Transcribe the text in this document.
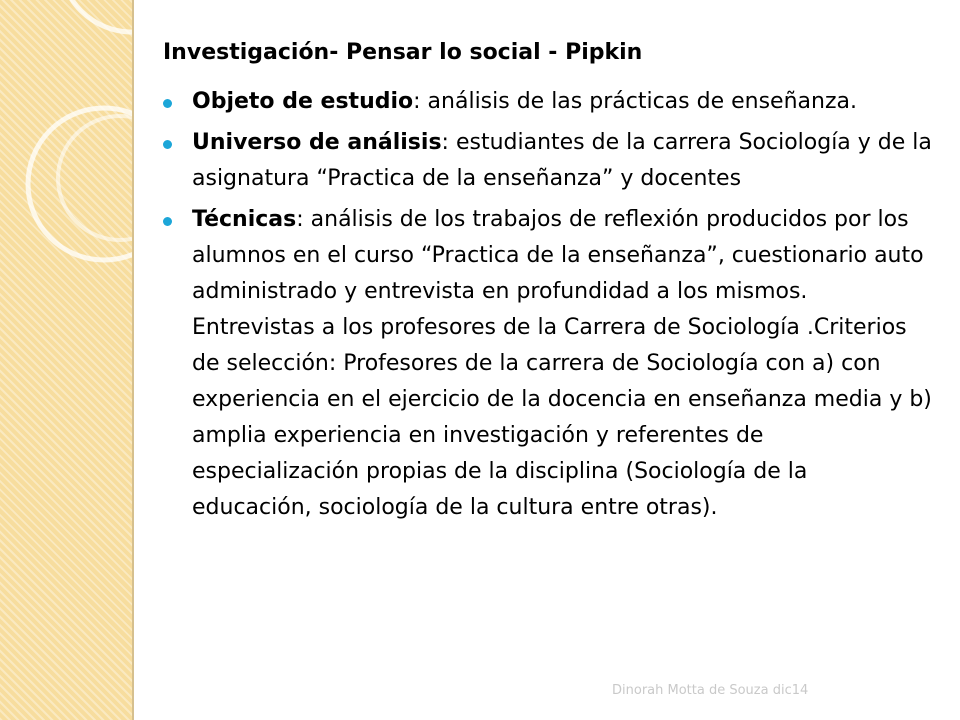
Investigación- Pensar lo social - Pipkin
Objeto de estudio: análisis de las prácticas de enseñanza.
Universo de análisis: estudiantes de la carrera Sociología y de la asignatura “Practica de la enseñanza” y docentes
Técnicas: análisis de los trabajos de reflexión producidos por los alumnos en el curso “Practica de la enseñanza”, cuestionario auto administrado y entrevista en profundidad a los mismos. Entrevistas a los profesores de la Carrera de Sociología .Criterios de selección: Profesores de la carrera de Sociología con a) con experiencia en el ejercicio de la docencia en enseñanza media y b) amplia experiencia en investigación y referentes de especialización propias de la disciplina (Sociología de la educación, sociología de la cultura entre otras).
Dinorah Motta de Souza dic14
